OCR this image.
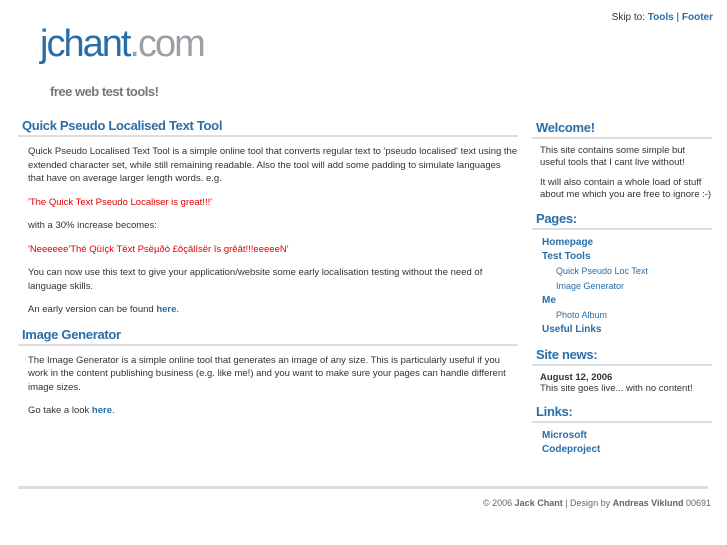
Skip to: Tools | Footer
jchant.com
free web test tools!
Quick Pseudo Localised Text Tool

Quick Pseudo Localised Text Tool is a simple online tool that converts regular text to 'pseudo localised' text using the extended character set, while still remaining readable. Also the tool will add some padding to simulate languages that have on average larger length words. e.g.

'The Quick Text Pseudo Localiser is great!!!'

with a 30% increase becomes:

'Neeeeee'Thé Qüíçk Tëxt Psëµðò £ôçâlîsër îs grêât!!!eeeeeN'

You can now use this text to give your application/website some early localisation testing without the need of language skills.

An early version can be found here.

Image Generator

The Image Generator is a simple online tool that generates an image of any size. This is particularly useful if you work in the content publishing business (e.g. like me!) and you want to make sure your pages can handle different image sizes.

Go take a look here.

Welcome!

This site contains some simple but useful tools that I cant live without!

It will also contain a whole load of stuff about me which you are free to ignore :-)

Pages:
Homepage
Test Tools
Quick Pseudo Loc Text
Image Generator
Me
Photo Album
Useful Links
Site news:
August 12, 2006
This site goes live... with no content!
Links:
Microsoft
Codeproject
© 2006 Jack Chant | Design by Andreas Viklund 00691
